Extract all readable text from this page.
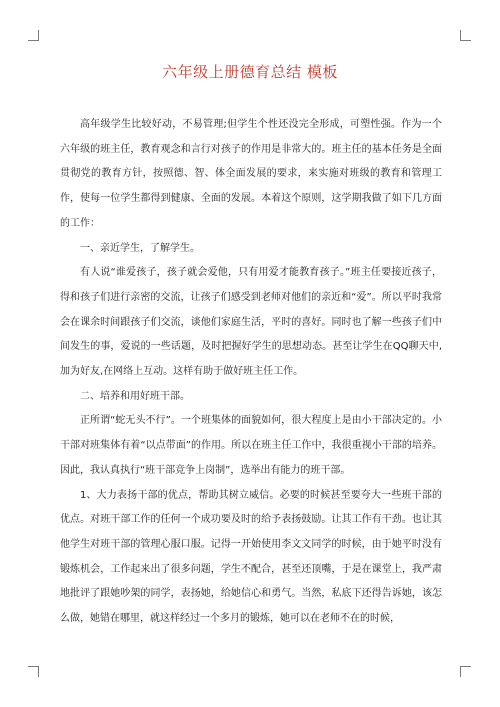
六年级上册德育总结 模板

高年级学生比较好动，不易管理;但学生个性还没完全形成，可塑性强。作为一个六年级的班主任，教育观念和言行对孩子的作用是非常大的。班主任的基本任务是全面贯彻党的教育方针，按照德、智、体全面发展的要求，来实施对班级的教育和管理工作，使每一位学生都得到健康、全面的发展。本着这个原则，这学期我做了如下几方面的工作：

一、亲近学生，了解学生。

有人说“谁爱孩子，孩子就会爱他，只有用爱才能教育孩子。”班主任要接近孩子，得和孩子们进行亲密的交流，让孩子们感受到老师对他们的亲近和“爱”。所以平时我常会在课余时间跟孩子们交流，谈他们家庭生活，平时的喜好。同时也了解一些孩子们中间发生的事，爱说的一些话题，及时把握好学生的思想动态。甚至让学生在QQ聊天中,加为好友,在网络上互动。这样有助于做好班主任工作。

二、培养和用好班干部。

正所谓“蛇无头不行”。一个班集体的面貌如何，很大程度上是由小干部决定的。小干部对班集体有着“以点带面”的作用。所以在班主任工作中，我很重视小干部的培养。因此，我认真执行“班干部竞争上岗制”，选举出有能力的班干部。

1、大力表扬干部的优点，帮助其树立威信。必要的时候甚至要夸大一些班干部的优点。对班干部工作的任何一个成功要及时的给予表扬鼓励。让其工作有干劲。也让其他学生对班干部的管理心服口服。记得一开始使用李文文同学的时候，由于她平时没有锻炼机会，工作起来出了很多问题，学生不配合，甚至还顶嘴，于是在课堂上，我严肃地批评了跟她吵架的同学，表扬她，给她信心和勇气。当然，私底下还得告诉她，该怎么做，她错在哪里，就这样经过一个多月的锻炼，她可以在老师不在的时候，
